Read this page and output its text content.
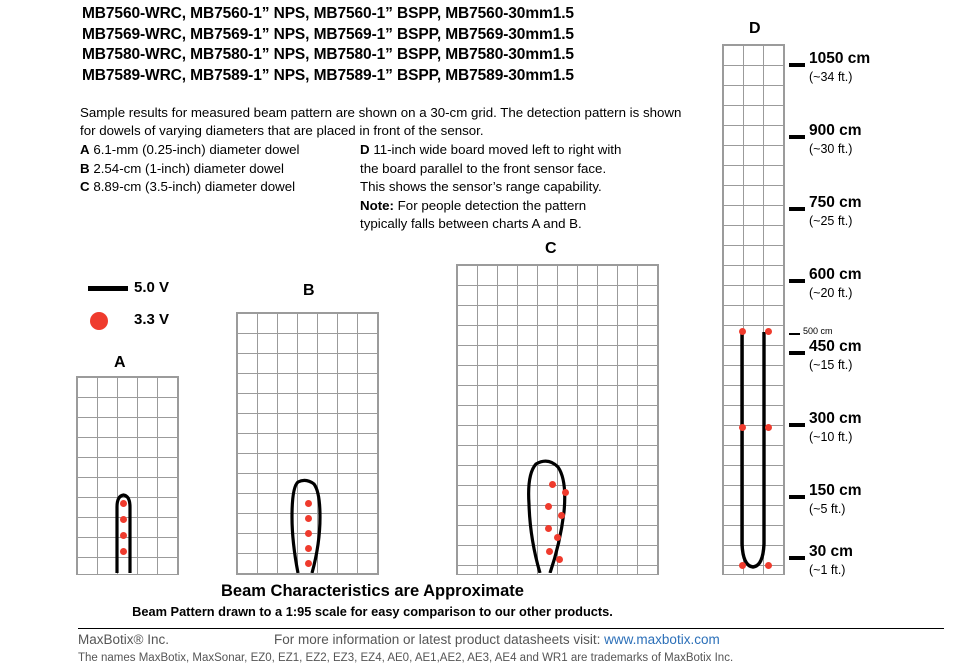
MB7560-WRC, MB7560-1” NPS, MB7560-1” BSPP, MB7560-30mm1.5
MB7569-WRC, MB7569-1” NPS, MB7569-1” BSPP, MB7569-30mm1.5
MB7580-WRC, MB7580-1” NPS, MB7580-1” BSPP, MB7580-30mm1.5
MB7589-WRC, MB7589-1” NPS, MB7589-1” BSPP, MB7589-30mm1.5
Sample results for measured beam pattern are shown on a 30-cm grid. The detection pattern is shown for dowels of varying diameters that are placed in front of the sensor.
A 6.1-mm (0.25-inch) diameter dowel
B 2.54-cm (1-inch) diameter dowel
C 8.89-cm (3.5-inch) diameter dowel
D 11-inch wide board moved left to right with
the board parallel to the front sensor face.
This shows the sensor’s range capability.
Note: For people detection the pattern
typically falls between charts A and B.
5.0 V
3.3 V
A
B
C
D
500 cm
1050 cm
(~34 ft.)
900 cm
(~30 ft.)
750 cm
(~25 ft.)
600 cm
(~20 ft.)
450 cm
(~15 ft.)
300 cm
(~10 ft.)
150 cm
(~5 ft.)
30 cm
(~1 ft.)
Beam Characteristics are Approximate
Beam Pattern drawn to a 1:95 scale for easy comparison to our other products.
MaxBotix® Inc.	For more information or latest product datasheets visit: www.maxbotix.com
The names MaxBotix, MaxSonar, EZ0, EZ1, EZ2, EZ3, EZ4, AE0, AE1,AE2, AE3, AE4 and WR1 are trademarks of MaxBotix Inc.
